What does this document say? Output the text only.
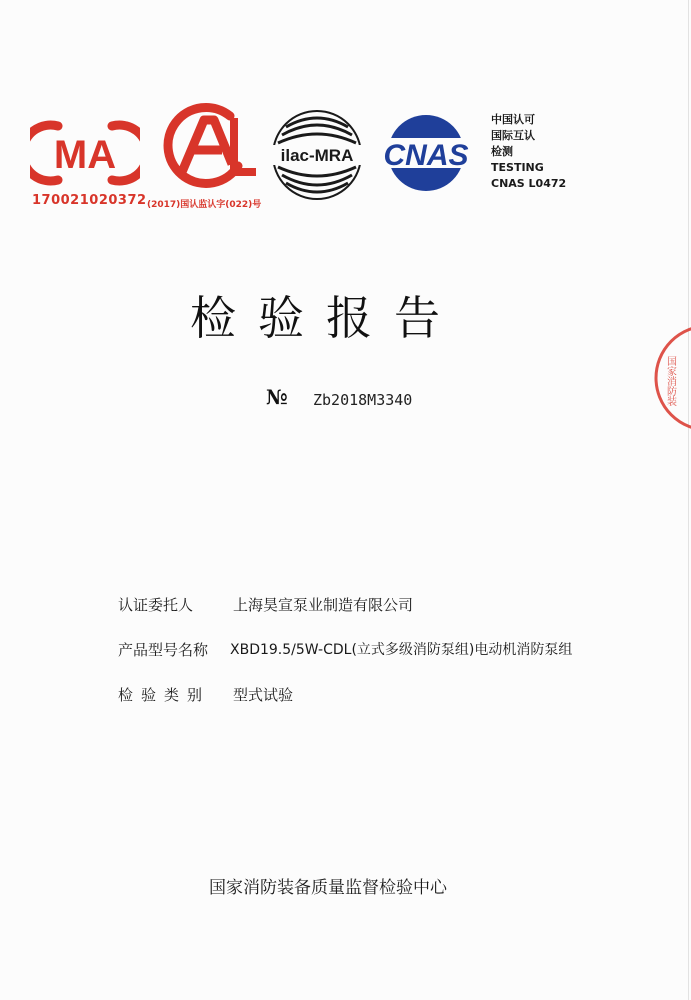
MA
170021020372
CAL
(2017)国认监认字(022)号
ilac-MRA CNAS
中国认可
国际互认
检测
TESTING
CNAS L0472
检验报告
№ Zb2018M3340
认证委托人	上海昊宣泵业制造有限公司
产品型号名称 XBD19.5/5W-CDL(立式多级消防泵组)电动机消防泵组
检验类别 型式试验
国家消防装备质量监督检验中心
国家消防装
